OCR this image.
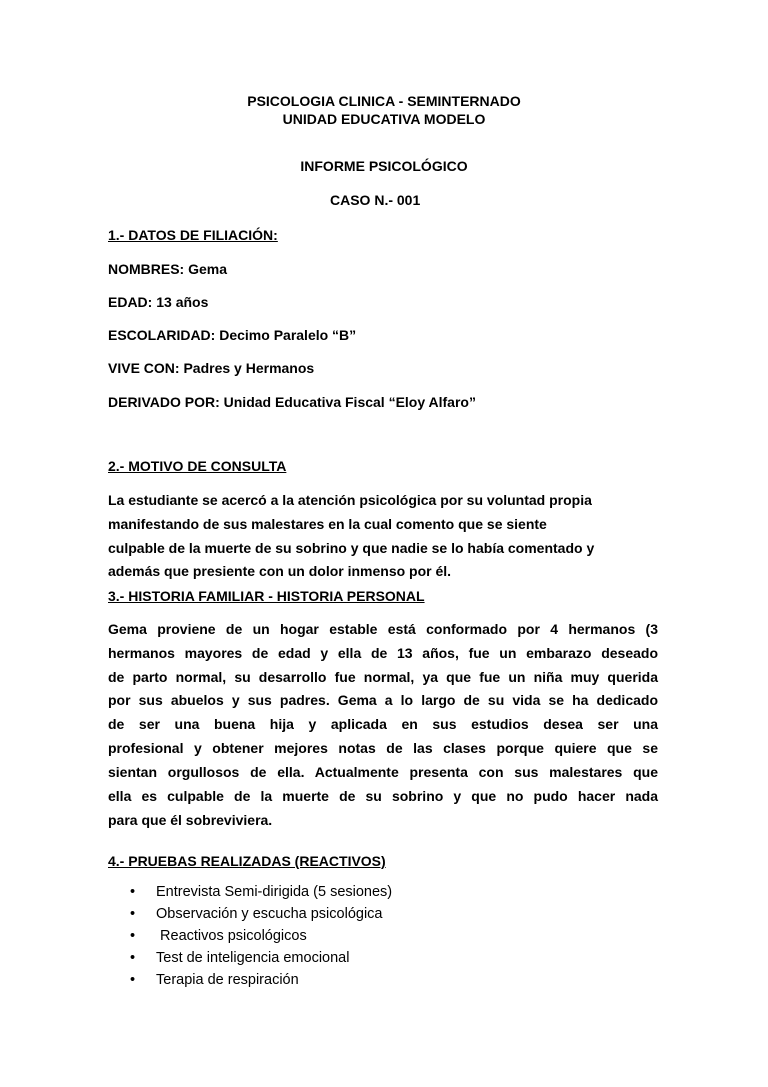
PSICOLOGIA CLINICA - SEMINTERNADO
UNIDAD EDUCATIVA MODELO
INFORME PSICOLÓGICO
CASO N.- 001
1.- DATOS DE FILIACIÓN:
NOMBRES: Gema
EDAD: 13 años
ESCOLARIDAD: Decimo Paralelo “B”
VIVE CON: Padres y Hermanos
DERIVADO POR: Unidad Educativa Fiscal “Eloy Alfaro”
2.- MOTIVO DE CONSULTA
La estudiante se acercó a la atención psicológica por su voluntad propia
manifestando de sus malestares en la cual comento que se siente
culpable de la muerte de su sobrino y que nadie se lo había comentado y
además que presiente con un dolor inmenso por él.
3.- HISTORIA FAMILIAR - HISTORIA PERSONAL
Gema proviene de un hogar estable está conformado por 4 hermanos (3
hermanos mayores de edad y ella de 13 años, fue un embarazo deseado
de parto normal, su desarrollo fue normal, ya que fue un niña muy querida
por sus abuelos y sus padres. Gema a lo largo de su vida se ha dedicado
de ser una buena hija y aplicada en sus estudios desea ser una
profesional y obtener mejores notas de las clases porque quiere que se
sientan orgullosos de ella. Actualmente presenta con sus malestares que
ella es culpable de la muerte de su sobrino y que no pudo hacer nada
para que él sobreviviera.
4.- PRUEBAS REALIZADAS (REACTIVOS)
• Entrevista Semi-dirigida (5 sesiones)
• Observación y escucha psicológica
• Reactivos psicológicos
• Test de inteligencia emocional
• Terapia de respiración
